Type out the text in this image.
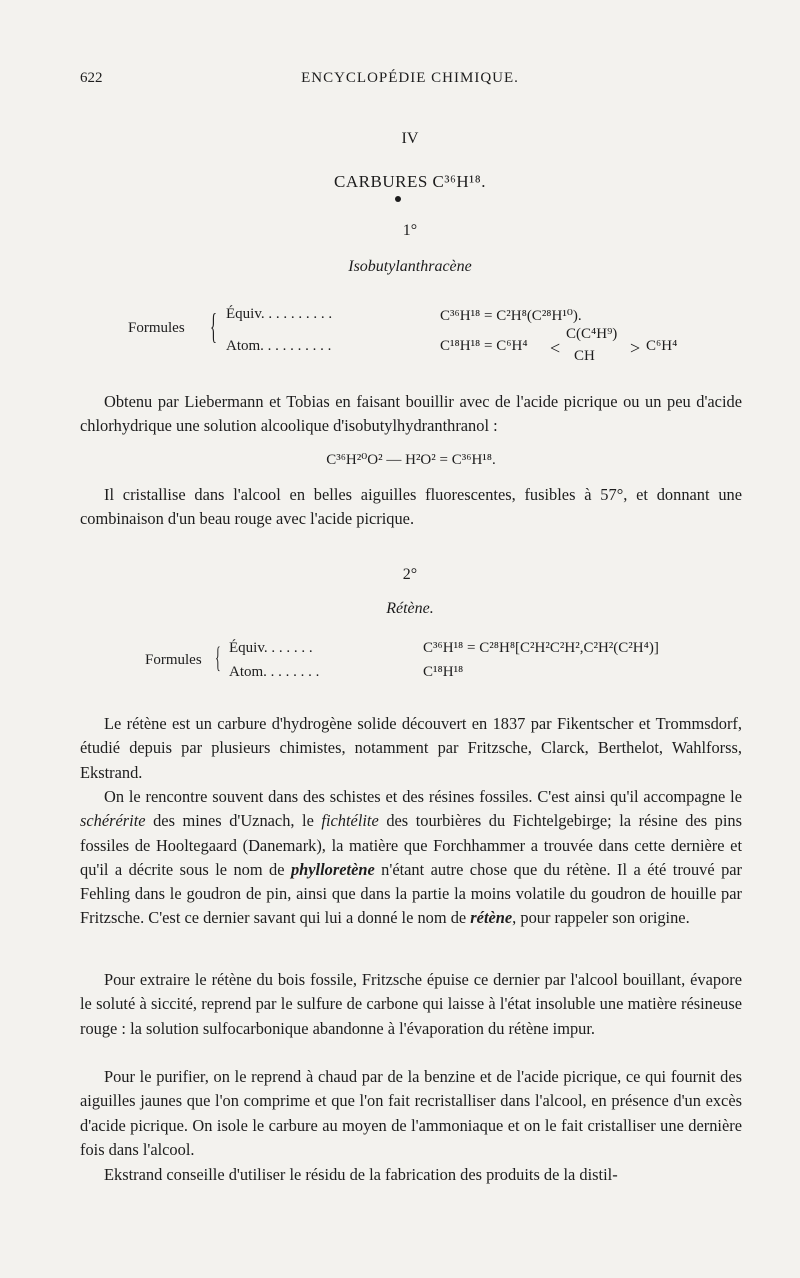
622	ENCYCLOPÉDIE CHIMIQUE.
IV
CARBURES C³⁶H¹⁸.
1°
Isobutylanthracène
Formules { Équiv. . . . . . . . . .	C³⁶H¹⁸ = C²H⁸(C²⁸H¹⁰).
Atom. . . . . . . . . .	C¹⁸H¹⁸ = C⁶H⁴ <
C(C⁴H⁹)
CH > C⁶H⁴

Obtenu par Liebermann et Tobias en faisant bouillir avec de l'acide picrique ou un peu d'acide chlorhydrique une solution alcoolique d'isobutylhydranthranol :

C³⁶H²⁰O² — H²O² = C³⁶H¹⁸.

Il cristallise dans l'alcool en belles aiguilles fluorescentes, fusibles à 57°, et donnant une combinaison d'un beau rouge avec l'acide picrique.

2°
Rétène.
Formules { Équiv. . . . . . .	C³⁶H¹⁸ = C²⁸H⁸[C²H²C²H²,C²H²(C²H⁴)]
Atom. . . . . . . .	C¹⁸H¹⁸

Le rétène est un carbure d'hydrogène solide découvert en 1837 par Fikentscher et Trommsdorf, étudié depuis par plusieurs chimistes, notamment par Fritzsche, Clarck, Berthelot, Wahlforss, Ekstrand.

On le rencontre souvent dans des schistes et des résines fossiles. C'est ainsi qu'il accompagne le schérérite des mines d'Uznach, le fichtélite des tourbières du Fichtelgebirge; la résine des pins fossiles de Hooltegaard (Danemark), la matière que Forchhammer a trouvée dans cette dernière et qu'il a décrite sous le nom de phylloretène n'étant autre chose que du rétène. Il a été trouvé par Fehling dans le goudron de pin, ainsi que dans la partie la moins volatile du goudron de houille par Fritzsche. C'est ce dernier savant qui lui a donné le nom de rétène, pour rappeler son origine.

Pour extraire le rétène du bois fossile, Fritzsche épuise ce dernier par l'alcool bouillant, évapore le soluté à siccité, reprend par le sulfure de carbone qui laisse à l'état insoluble une matière résineuse rouge : la solution sulfocarbonique abandonne à l'évaporation du rétène impur.

Pour le purifier, on le reprend à chaud par de la benzine et de l'acide picrique, ce qui fournit des aiguilles jaunes que l'on comprime et que l'on fait recristalliser dans l'alcool, en présence d'un excès d'acide picrique. On isole le carbure au moyen de l'ammoniaque et on le fait cristalliser une dernière fois dans l'alcool.

Ekstrand conseille d'utiliser le résidu de la fabrication des produits de la distil-
